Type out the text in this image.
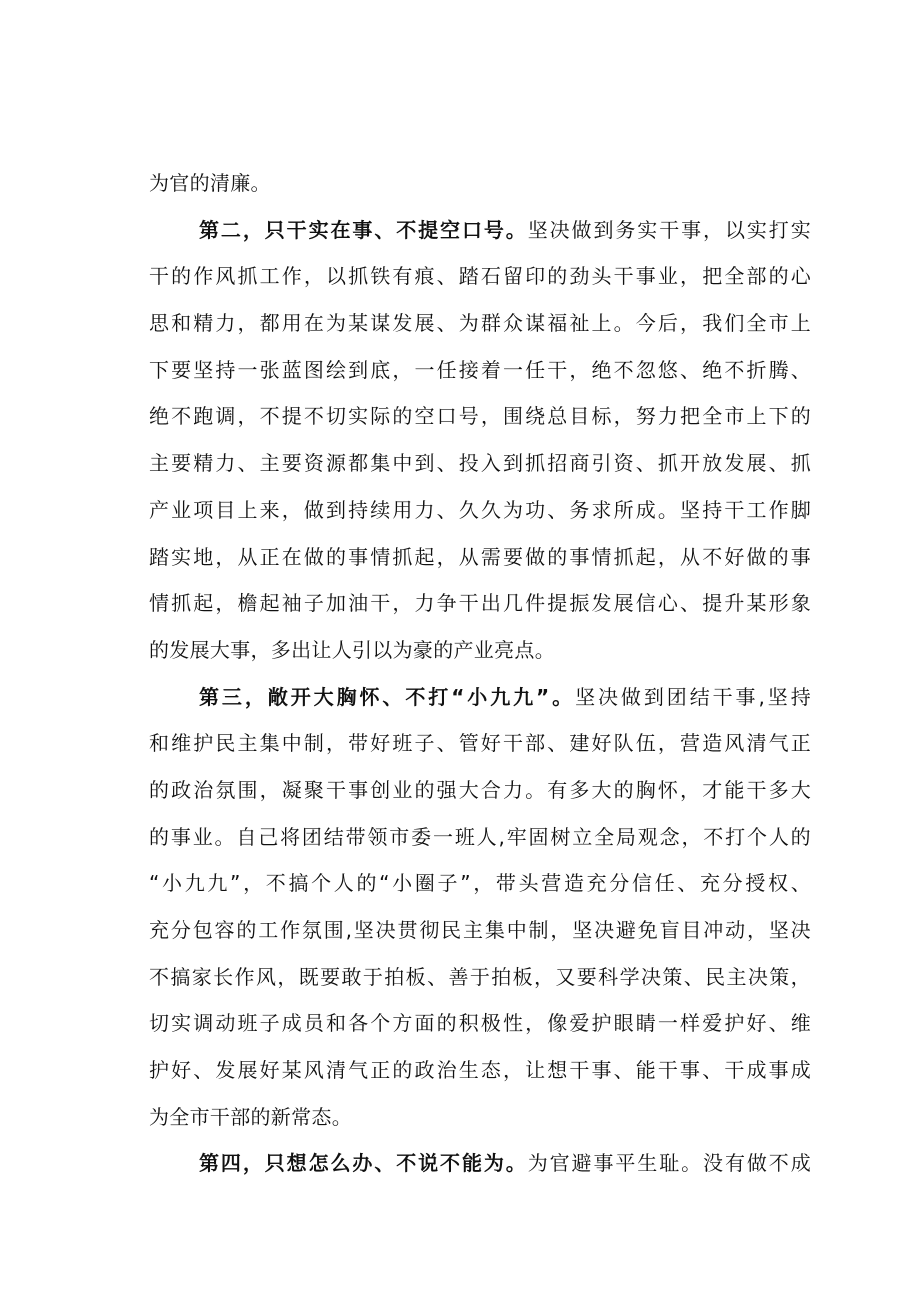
为官的清廉。
第二，只干实在事、不提空口号。坚决做到务实干事，以实打实
干的作风抓工作，以抓铁有痕、踏石留印的劲头干事业，把全部的心
思和精力，都用在为某谋发展、为群众谋福祉上。今后，我们全市上
下要坚持一张蓝图绘到底，一任接着一任干，绝不忽悠、绝不折腾、
绝不跑调，不提不切实际的空口号，围绕总目标，努力把全市上下的
主要精力、主要资源都集中到、投入到抓招商引资、抓开放发展、抓
产业项目上来，做到持续用力、久久为功、务求所成。坚持干工作脚
踏实地，从正在做的事情抓起，从需要做的事情抓起，从不好做的事
情抓起，檐起袖子加油干，力争干出几件提振发展信心、提升某形象
的发展大事，多出让人引以为豪的产业亮点。
第三，敞开大胸怀、不打“小九九”。坚决做到团结干事,坚持
和维护民主集中制，带好班子、管好干部、建好队伍，营造风清气正
的政治氛围，凝聚干事创业的强大合力。有多大的胸怀，才能干多大
的事业。自己将团结带领市委一班人,牢固树立全局观念，不打个人的
“小九九”，不搞个人的“小圈子”，带头营造充分信任、充分授权、
充分包容的工作氛围,坚决贯彻民主集中制，坚决避免盲目冲动，坚决
不搞家长作风，既要敢于拍板、善于拍板，又要科学决策、民主决策，
切实调动班子成员和各个方面的积极性，像爱护眼睛一样爱护好、维
护好、发展好某风清气正的政治生态，让想干事、能干事、干成事成
为全市干部的新常态。
第四，只想怎么办、不说不能为。为官避事平生耻。没有做不成
